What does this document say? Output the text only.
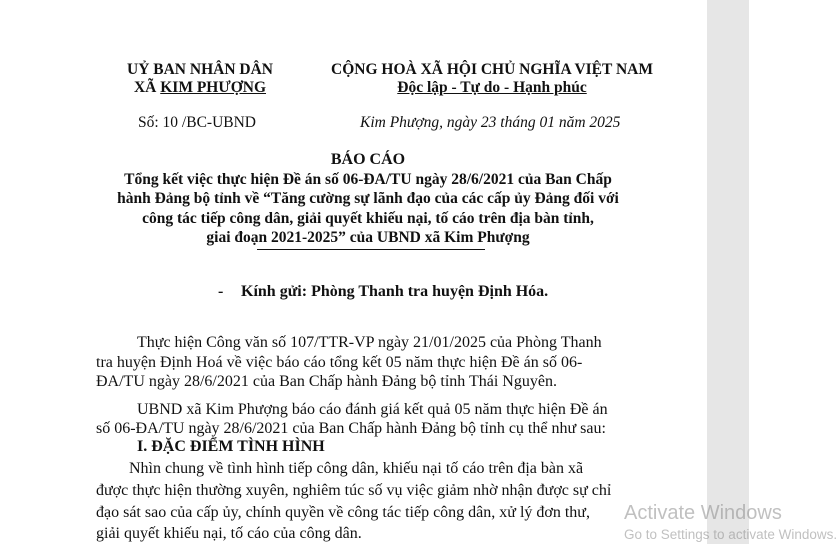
UỶ BAN NHÂN DÂN
XÃ KIM PHƯỢNG
CỘNG HOÀ XÃ HỘI CHỦ NGHĨA VIỆT NAM
Độc lập - Tự do - Hạnh phúc
Số: 10 /BC-UBND	Kim Phượng, ngày 23 tháng 01 năm 2025
BÁO CÁO
Tổng kết việc thực hiện Đề án số 06-ĐA/TU ngày 28/6/2021 của Ban Chấp
hành Đảng bộ tỉnh về “Tăng cường sự lãnh đạo của các cấp ủy Đảng đối với
công tác tiếp công dân, giải quyết khiếu nại, tố cáo trên địa bàn tỉnh,
giai đoạn 2021-2025” của UBND xã Kim Phượng
- Kính gửi: Phòng Thanh tra huyện Định Hóa.
Thực hiện Công văn số 107/TTR-VP ngày 21/01/2025 của Phòng Thanh
tra huyện Định Hoá về việc báo cáo tổng kết 05 năm thực hiện Đề án số 06-
ĐA/TU ngày 28/6/2021 của Ban Chấp hành Đảng bộ tỉnh Thái Nguyên.
UBND xã Kim Phượng báo cáo đánh giá kết quả 05 năm thực hiện Đề án
số 06-ĐA/TU ngày 28/6/2021 của Ban Chấp hành Đảng bộ tỉnh cụ thể như sau:
I. ĐẶC ĐIỂM TÌNH HÌNH
Nhìn chung về tình hình tiếp công dân, khiếu nại tố cáo trên địa bàn xã
được thực hiện thường xuyên, nghiêm túc số vụ việc giảm nhờ nhận được sự chỉ
đạo sát sao của cấp ủy, chính quyền về công tác tiếp công dân, xử lý đơn thư,
giải quyết khiếu nại, tố cáo của công dân.
Activate Windows
Go to Settings to activate Windows.
